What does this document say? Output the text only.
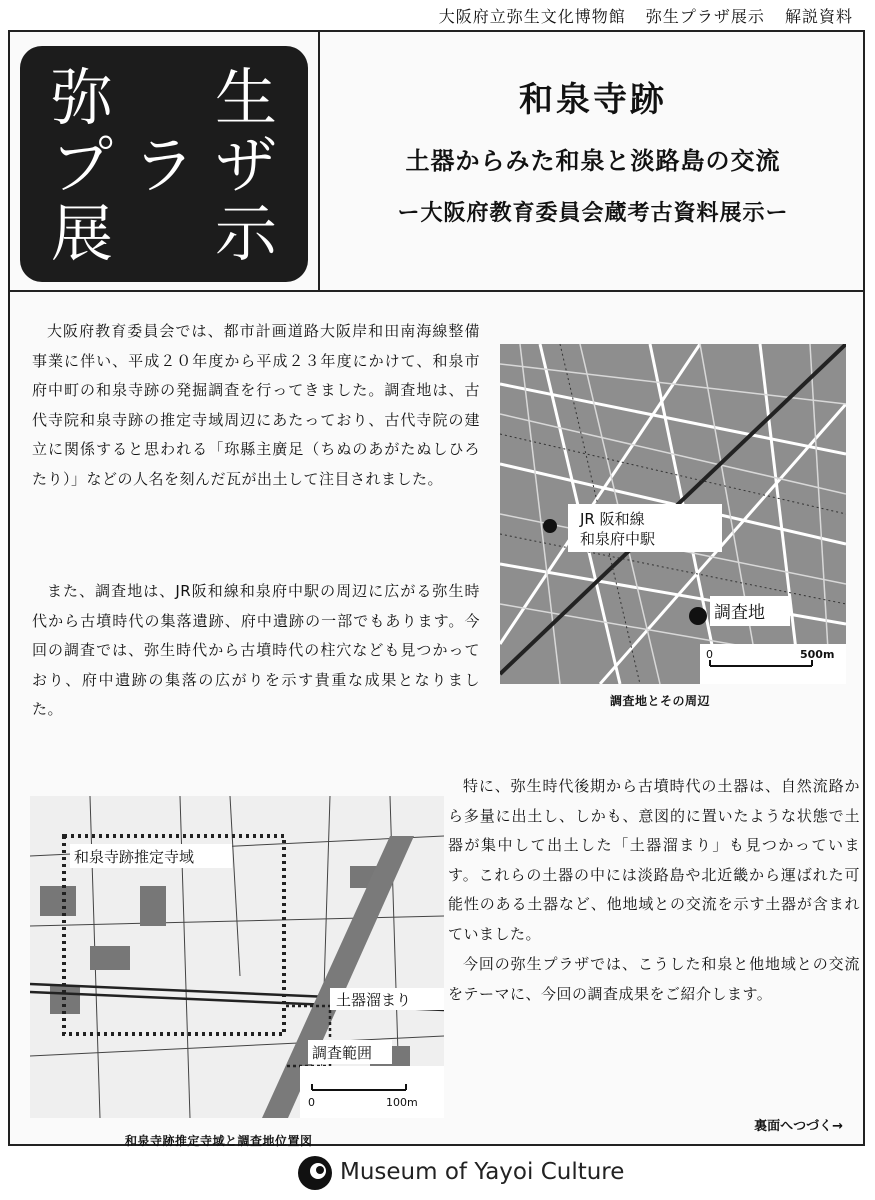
大阪府立弥生文化博物館 弥生プラザ展示 解説資料
弥 生
プ ラ ザ
展 示
和泉寺跡
土器からみた和泉と淡路島の交流
ー大阪府教育委員会蔵考古資料展示ー

大阪府教育委員会では、都市計画道路大阪岸和田南海線整備事業に伴い、平成２０年度から平成２３年度にかけて、和泉市府中町の和泉寺跡の発掘調査を行ってきました。調査地は、古代寺院和泉寺跡の推定寺域周辺にあたっており、古代寺院の建立に関係すると思われる「珎縣主廣足（ちぬのあがたぬしひろたり）」などの人名を刻んだ瓦が出土して注目されました。

また、調査地は、JR阪和線和泉府中駅の周辺に広がる弥生時代から古墳時代の集落遺跡、府中遺跡の一部でもあります。今回の調査では、弥生時代から古墳時代の柱穴なども見つかっており、府中遺跡の集落の広がりを示す貴重な成果となりました。

JR 阪和線
和泉府中駅
調査地
0	500m
調査地とその周辺

特に、弥生時代後期から古墳時代の土器は、自然流路から多量に出土し、しかも、意図的に置いたような状態で土器が集中して出土した「土器溜まり」も見つかっています。これらの土器の中には淡路島や北近畿から運ばれた可能性のある土器など、他地域との交流を示す土器が含まれていました。

今回の弥生プラザでは、こうした和泉と他地域との交流をテーマに、今回の調査成果をご紹介します。

和泉寺跡推定寺域
土器溜まり
調査範囲
0	100m
和泉寺跡推定寺域と調査地位置図
裏面へつづく→
Museum of Yayoi Culture
